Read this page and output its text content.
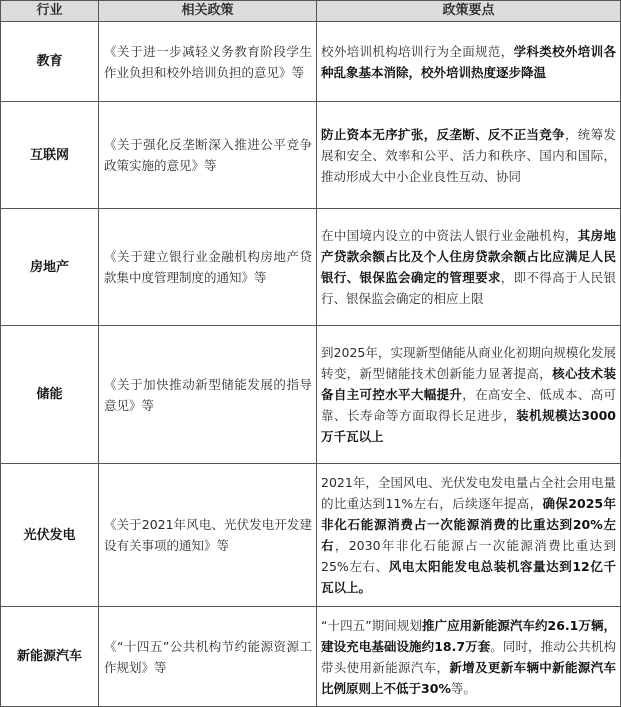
行业	相关政策	政策要点
教育	《关于进一步减轻义务教育阶段学生作业负担和校外培训负担的意见》等	校外培训机构培训行为全面规范，学科类校外培训各种乱象基本消除，校外培训热度逐步降温
互联网	《关于强化反垄断深入推进公平竞争政策实施的意见》等	防止资本无序扩张，反垄断、反不正当竞争，统筹发展和安全、效率和公平、活力和秩序、国内和国际，推动形成大中小企业良性互动、协同
房地产	《关于建立银行业金融机构房地产贷款集中度管理制度的通知》等	在中国境内设立的中资法人银行业金融机构，其房地产贷款余额占比及个人住房贷款余额占比应满足人民银行、银保监会确定的管理要求，即不得高于人民银行、银保监会确定的相应上限
储能	《关于加快推动新型储能发展的指导意见》等	到2025年，实现新型储能从商业化初期向规模化发展转变，新型储能技术创新能力显著提高，核心技术装备自主可控水平大幅提升，在高安全、低成本、高可靠、长寿命等方面取得长足进步，装机规模达3000万千瓦以上
光伏发电	《关于2021年风电、光伏发电开发建设有关事项的通知》等	2021年，全国风电、光伏发电发电量占全社会用电量的比重达到11%左右，后续逐年提高，确保2025年非化石能源消费占一次能源消费的比重达到20%左右，2030年非化石能源占一次能源消费比重达到25%左右、风电太阳能发电总装机容量达到12亿千瓦以上。
新能源汽车	《“十四五”公共机构节约能源资源工作规划》等	“十四五”期间规划推广应用新能源汽车约26.1万辆，建设充电基础设施约18.7万套。同时，推动公共机构带头使用新能源汽车，新增及更新车辆中新能源汽车比例原则上不低于30%等。
